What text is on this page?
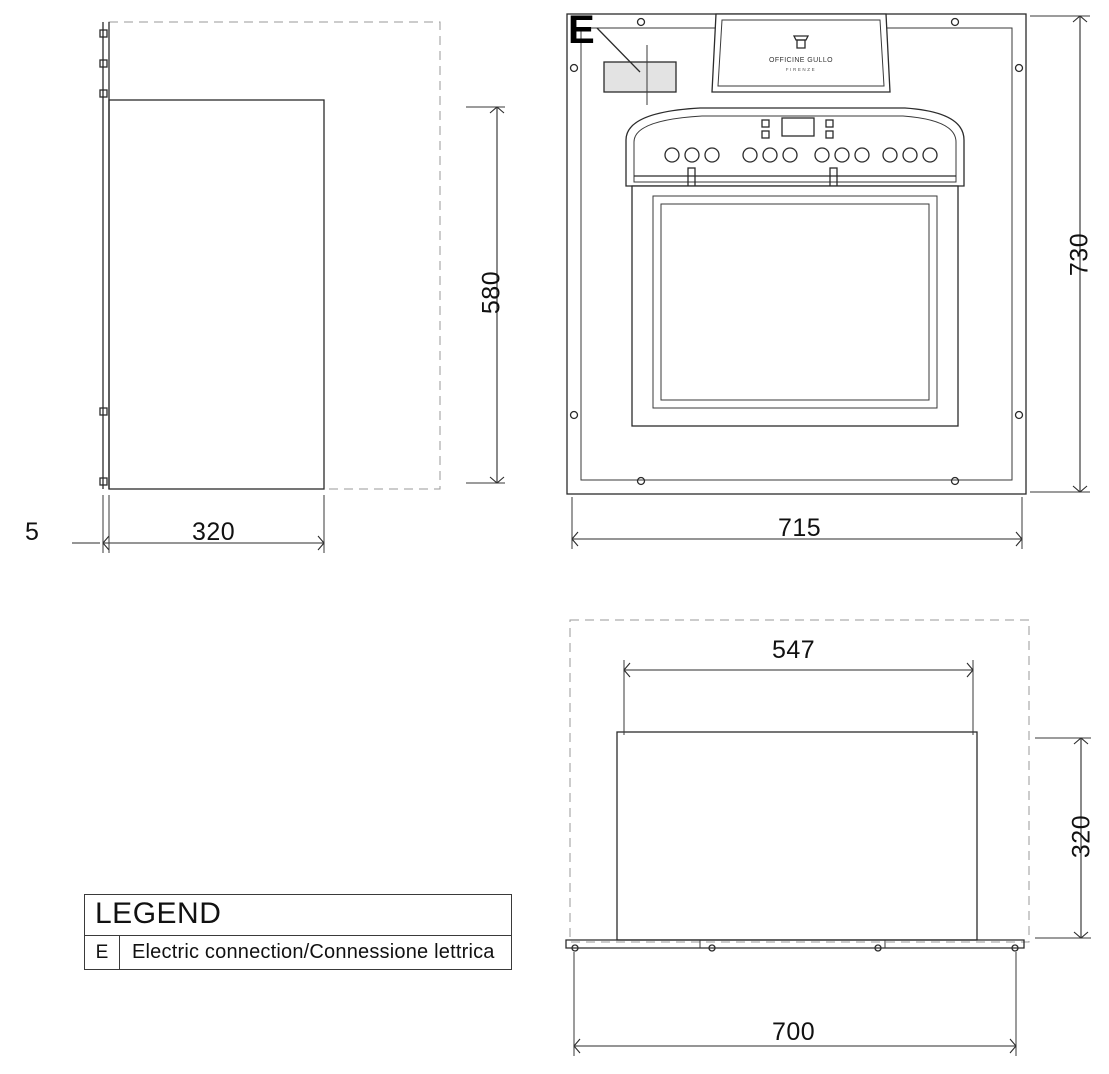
OFFICINE GULLO
FIRENZE
E
580
320
5
730
715
547
320
700
LEGEND
E	Electric connection/Connessione lettrica
